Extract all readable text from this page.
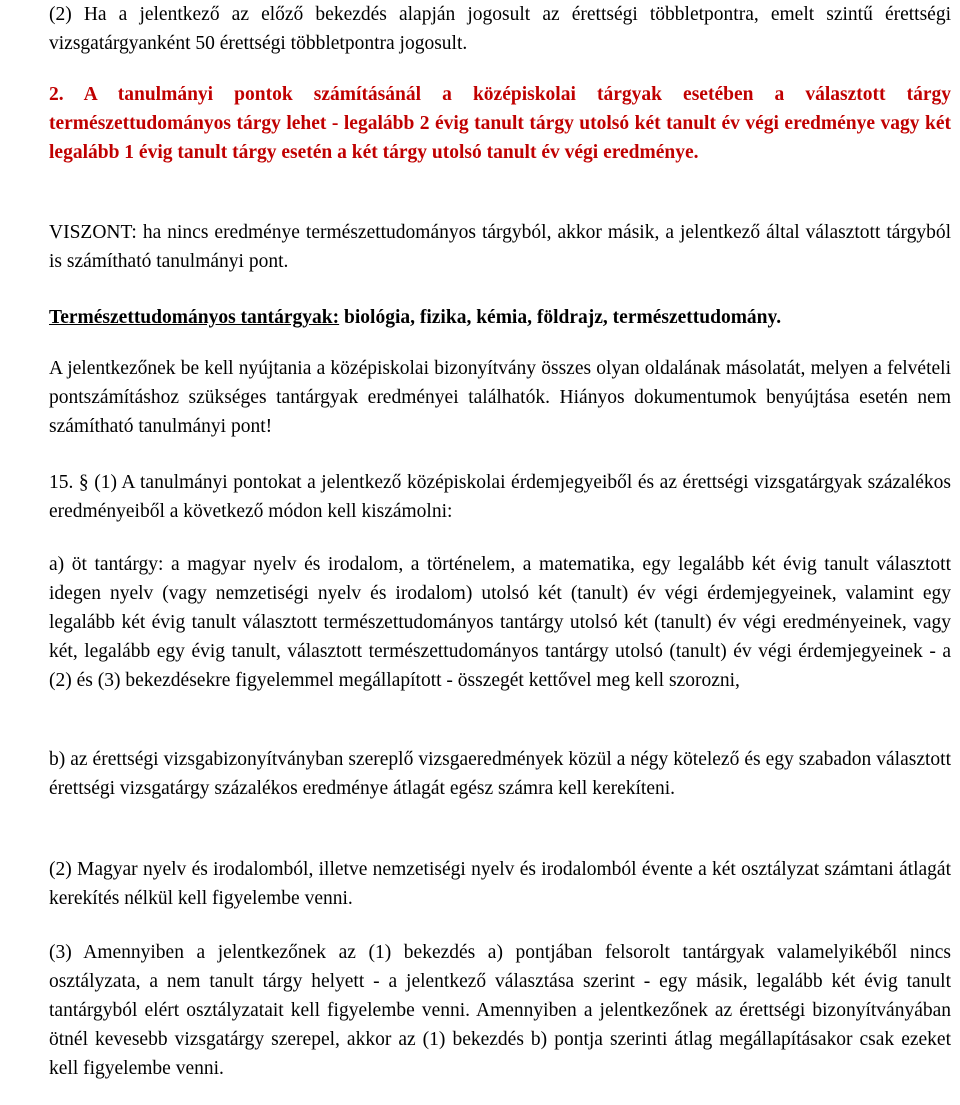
(2) Ha a jelentkező az előző bekezdés alapján jogosult az érettségi többletpontra, emelt szintű érettségi vizsgatárgyanként 50 érettségi többletpontra jogosult.

2. A tanulmányi pontok számításánál a középiskolai tárgyak esetében a választott tárgy természettudományos tárgy lehet - legalább 2 évig tanult tárgy utolsó két tanult év végi eredménye vagy két legalább 1 évig tanult tárgy esetén a két tárgy utolsó tanult év végi eredménye.

VISZONT: ha nincs eredménye természettudományos tárgyból, akkor másik, a jelentkező által választott tárgyból is számítható tanulmányi pont.

Természettudományos tantárgyak: biológia, fizika, kémia, földrajz, természettudomány.

A jelentkezőnek be kell nyújtania a középiskolai bizonyítvány összes olyan oldalának másolatát, melyen a felvételi pontszámításhoz szükséges tantárgyak eredményei találhatók. Hiányos dokumentumok benyújtása esetén nem számítható tanulmányi pont!

15. § (1) A tanulmányi pontokat a jelentkező középiskolai érdemjegyeiből és az érettségi vizsgatárgyak százalékos eredményeiből a következő módon kell kiszámolni:

a) öt tantárgy: a magyar nyelv és irodalom, a történelem, a matematika, egy legalább két évig tanult választott idegen nyelv (vagy nemzetiségi nyelv és irodalom) utolsó két (tanult) év végi érdemjegyeinek, valamint egy legalább két évig tanult választott természettudományos tantárgy utolsó két (tanult) év végi eredményeinek, vagy két, legalább egy évig tanult, választott természettudományos tantárgy utolsó (tanult) év végi érdemjegyeinek - a (2) és (3) bekezdésekre figyelemmel megállapított - összegét kettővel meg kell szorozni,

b) az érettségi vizsgabizonyítványban szereplő vizsgaeredmények közül a négy kötelező és egy szabadon választott érettségi vizsgatárgy százalékos eredménye átlagát egész számra kell kerekíteni.

(2) Magyar nyelv és irodalomból, illetve nemzetiségi nyelv és irodalomból évente a két osztályzat számtani átlagát kerekítés nélkül kell figyelembe venni.

(3) Amennyiben a jelentkezőnek az (1) bekezdés a) pontjában felsorolt tantárgyak valamelyikéből nincs osztályzata, a nem tanult tárgy helyett - a jelentkező választása szerint - egy másik, legalább két évig tanult tantárgyból elért osztályzatait kell figyelembe venni. Amennyiben a jelentkezőnek az érettségi bizonyítványában ötnél kevesebb vizsgatárgy szerepel, akkor az (1) bekezdés b) pontja szerinti átlag megállapításakor csak ezeket kell figyelembe venni.
